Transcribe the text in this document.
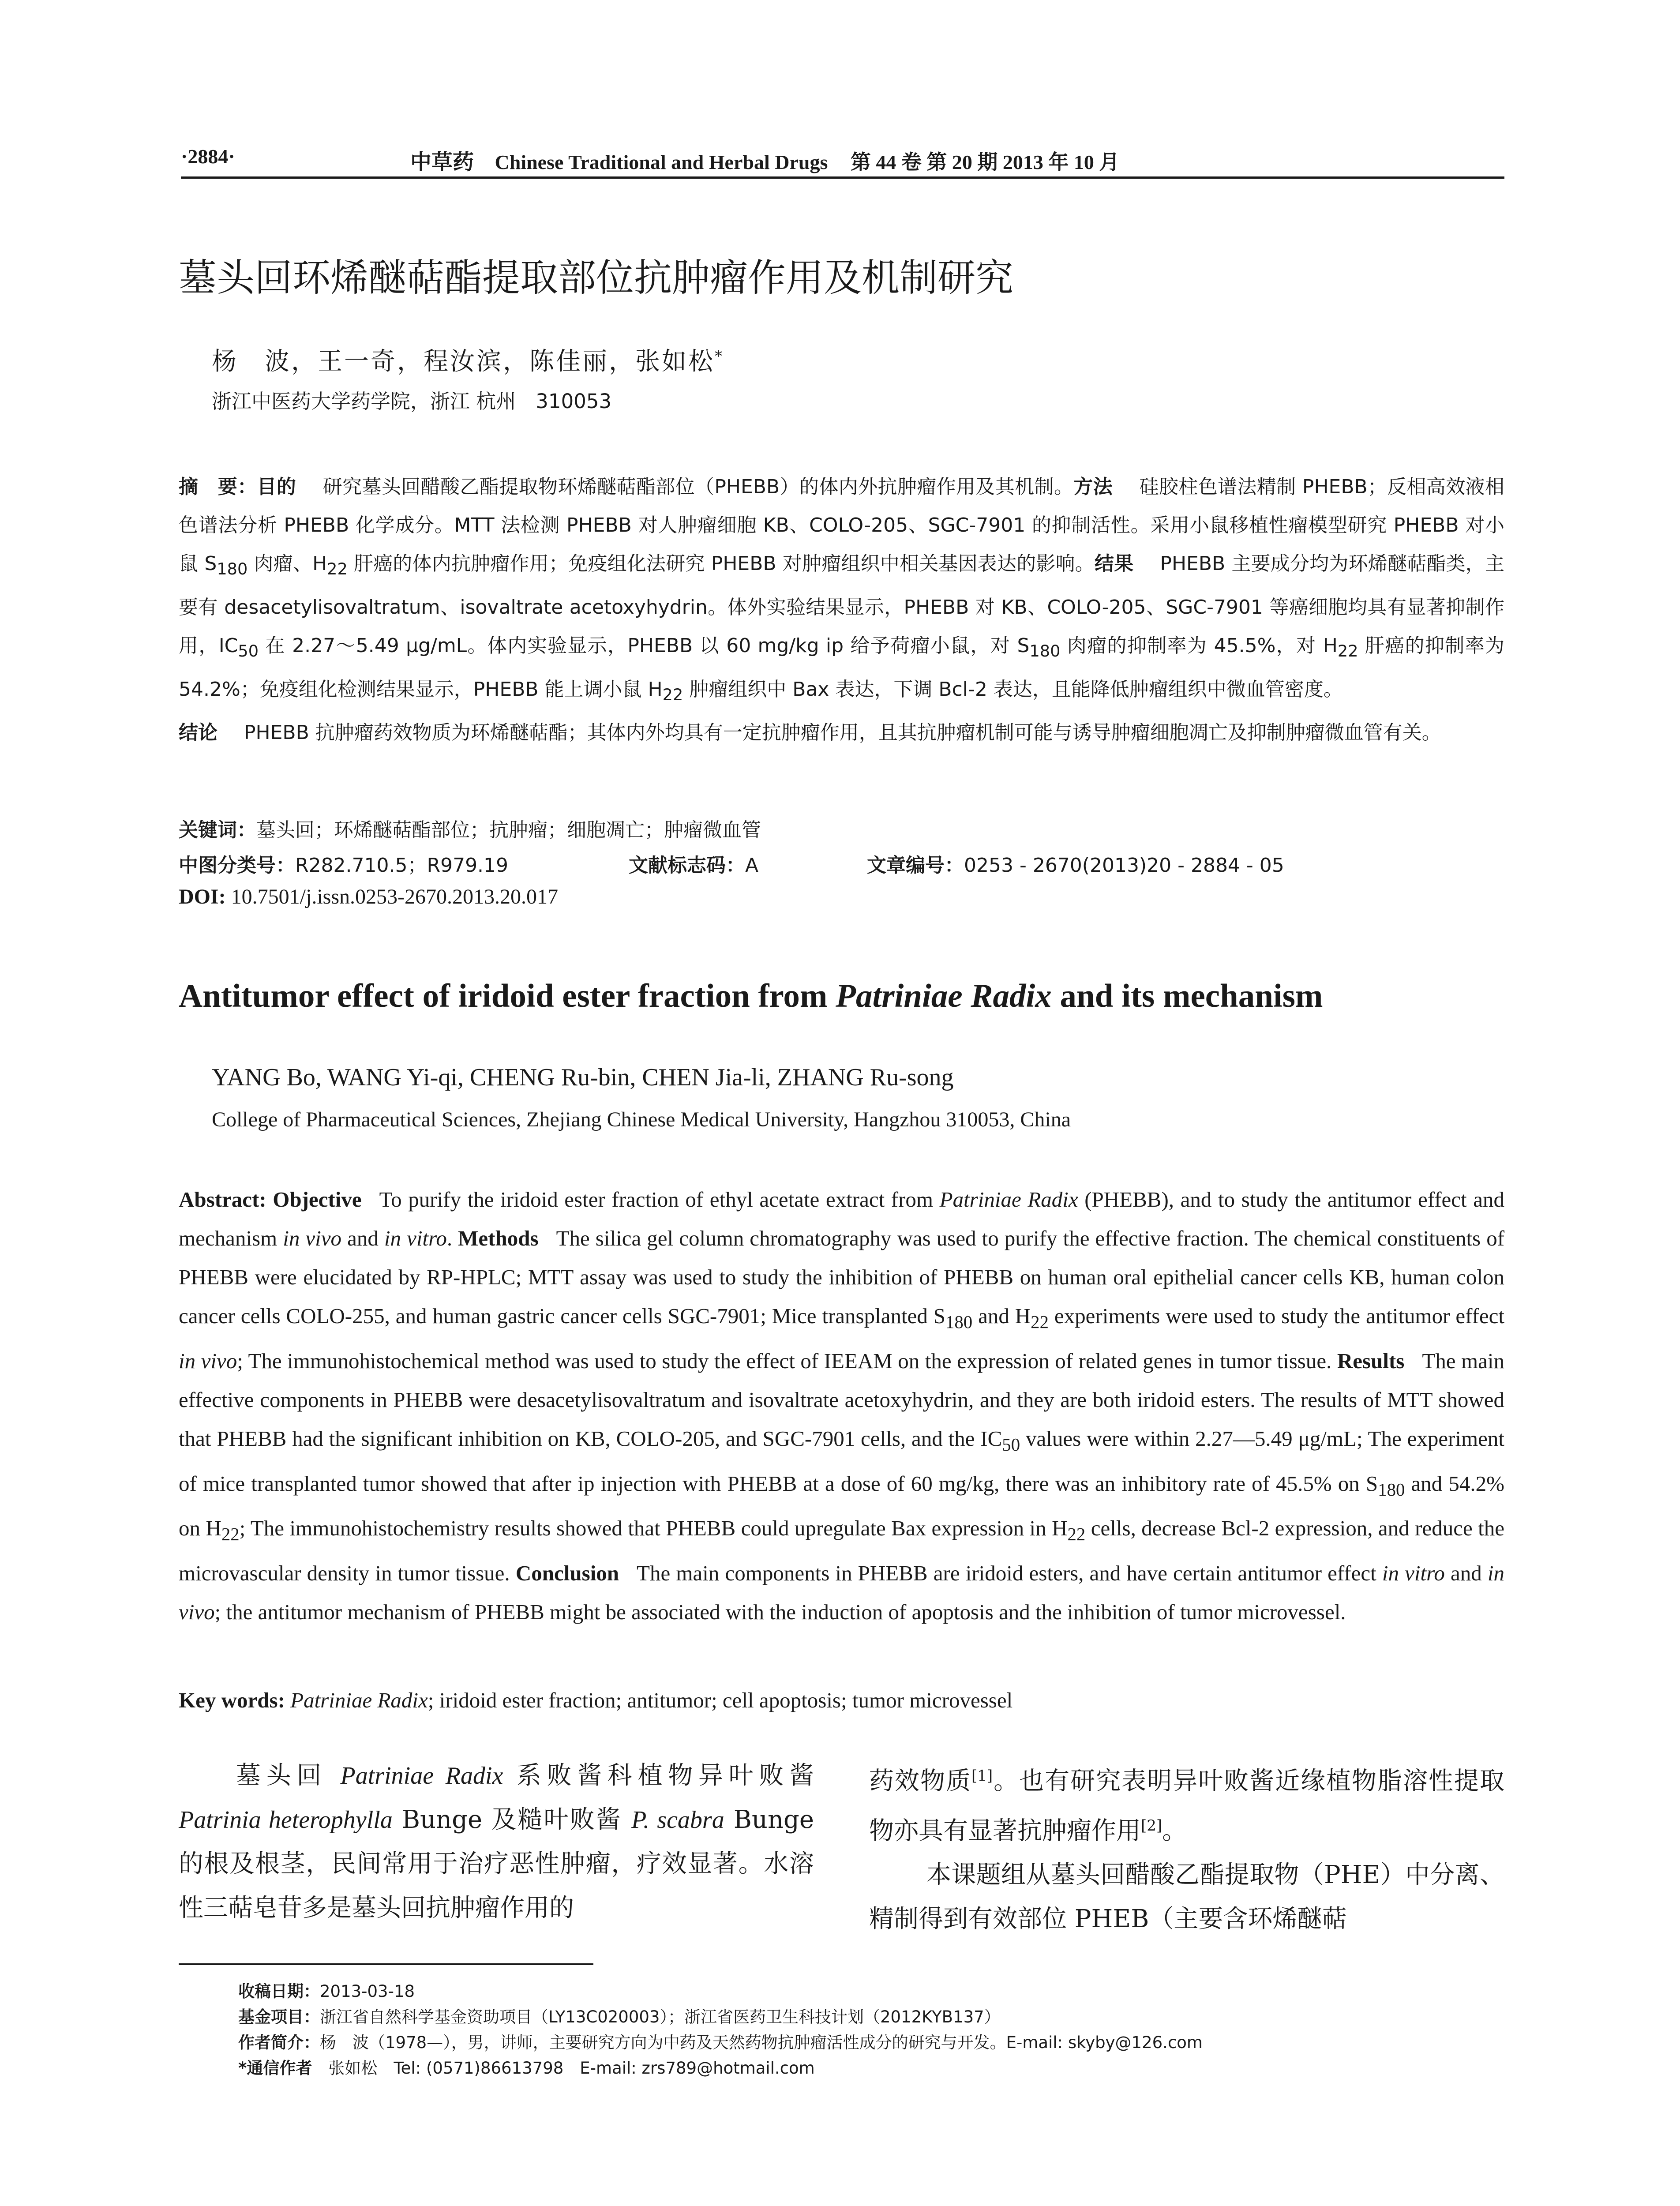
·2884·	中草药 Chinese Traditional and Herbal Drugs 第 44 卷 第 20 期 2013 年 10 月
墓头回环烯醚萜酯提取部位抗肿瘤作用及机制研究
杨　波，王一奇，程汝滨，陈佳丽，张如松*
浙江中医药大学药学院，浙江 杭州　310053
摘　要：目的 研究墓头回醋酸乙酯提取物环烯醚萜酯部位（PHEBB）的体内外抗肿瘤作用及其机制。方法 硅胶柱色谱法精制 PHEBB；反相高效液相色谱法分析 PHEBB 化学成分。MTT 法检测 PHEBB 对人肿瘤细胞 KB、COLO-205、SGC-7901 的抑制活性。采用小鼠移植性瘤模型研究 PHEBB 对小鼠 $S_{180}$ 肉瘤、$H_{22}$ 肝癌的体内抗肿瘤作用；免疫组化法研究 PHEBB 对肿瘤组织中相关基因表达的影响。结果 PHEBB 主要成分均为环烯醚萜酯类，主要有 desacetylisovaltratum、isovaltrate acetoxyhydrin。体外实验结果显示，PHEBB 对 KB、COLO-205、SGC-7901 等癌细胞均具有显著抑制作用，$IC_{50}$ 在 2.27～5.49 μg/mL。体内实验显示，PHEBB 以 60 mg/kg ip 给予荷瘤小鼠，对 $S_{180}$ 肉瘤的抑制率为 45.5%，对 $H_{22}$ 肝癌的抑制率为 54.2%；免疫组化检测结果显示，PHEBB 能上调小鼠 $H_{22}$ 肿瘤组织中 Bax 表达，下调 Bcl-2 表达，且能降低肿瘤组织中微血管密度。
结论 PHEBB 抗肿瘤药效物质为环烯醚萜酯；其体内外均具有一定抗肿瘤作用，且其抗肿瘤机制可能与诱导肿瘤细胞凋亡及抑制肿瘤微血管有关。
关键词：墓头回；环烯醚萜酯部位；抗肿瘤；细胞凋亡；肿瘤微血管
中图分类号：R282.710.5；R979.19	文献标志码：A	文章编号：0253 - 2670(2013)20 - 2884 - 05
DOI: 10.7501/j.issn.0253-2670.2013.20.017
Antitumor effect of iridoid ester fraction from Patriniae Radix and its mechanism
YANG Bo, WANG Yi-qi, CHENG Ru-bin, CHEN Jia-li, ZHANG Ru-song
College of Pharmaceutical Sciences, Zhejiang Chinese Medical University, Hangzhou 310053, China
Abstract: Objective To purify the iridoid ester fraction of ethyl acetate extract from Patriniae Radix (PHEBB), and to study the antitumor effect and mechanism in vivo and in vitro. Methods The silica gel column chromatography was used to purify the effective fraction. The chemical constituents of PHEBB were elucidated by RP-HPLC; MTT assay was used to study the inhibition of PHEBB on human oral epithelial cancer cells KB, human colon cancer cells COLO-255, and human gastric cancer cells SGC-7901; Mice transplanted $S_{180}$ and $H_{22}$ experiments were used to study the antitumor effect in vivo; The immunohistochemical method was used to study the effect of IEEAM on the expression of related genes in tumor tissue. Results The main effective components in PHEBB were desacetylisovaltratum and isovaltrate acetoxyhydrin, and they are both iridoid esters. The results of MTT showed that PHEBB had the significant inhibition on KB, COLO-205, and SGC-7901 cells, and the $IC_{50}$ values were within 2.27—5.49 μg/mL; The experiment of mice transplanted tumor showed that after ip injection with PHEBB at a dose of 60 mg/kg, there was an inhibitory rate of 45.5% on $S_{180}$ and 54.2% on $H_{22}$; The immunohistochemistry results showed that PHEBB could upregulate Bax expression in $H_{22}$ cells, decrease Bcl-2 expression, and reduce the microvascular density in tumor tissue. Conclusion The main components in PHEBB are iridoid esters, and have certain antitumor effect in vitro and in vivo; the antitumor mechanism of PHEBB might be associated with the induction of apoptosis and the inhibition of tumor microvessel.
Key words: Patriniae Radix; iridoid ester fraction; antitumor; cell apoptosis; tumor microvessel

墓头回 Patriniae Radix 系败酱科植物异叶败酱 Patrinia heterophylla Bunge 及糙叶败酱 P. scabra Bunge 的根及根茎，民间常用于治疗恶性肿瘤，疗效显著。水溶性三萜皂苷多是墓头回抗肿瘤作用的

药效物质[1]。也有研究表明异叶败酱近缘植物脂溶性提取物亦具有显著抗肿瘤作用[2]。

本课题组从墓头回醋酸乙酯提取物（PHE）中分离、精制得到有效部位 PHEB（主要含环烯醚萜

收稿日期：2013-03-18
基金项目：浙江省自然科学基金资助项目（LY13C020003）；浙江省医药卫生科技计划（2012KYB137）
作者简介：杨　波（1978—），男，讲师，主要研究方向为中药及天然药物抗肿瘤活性成分的研究与开发。E-mail: skyby@126.com
*通信作者　 张如松　Tel: (0571)86613798　E-mail: zrs789@hotmail.com
